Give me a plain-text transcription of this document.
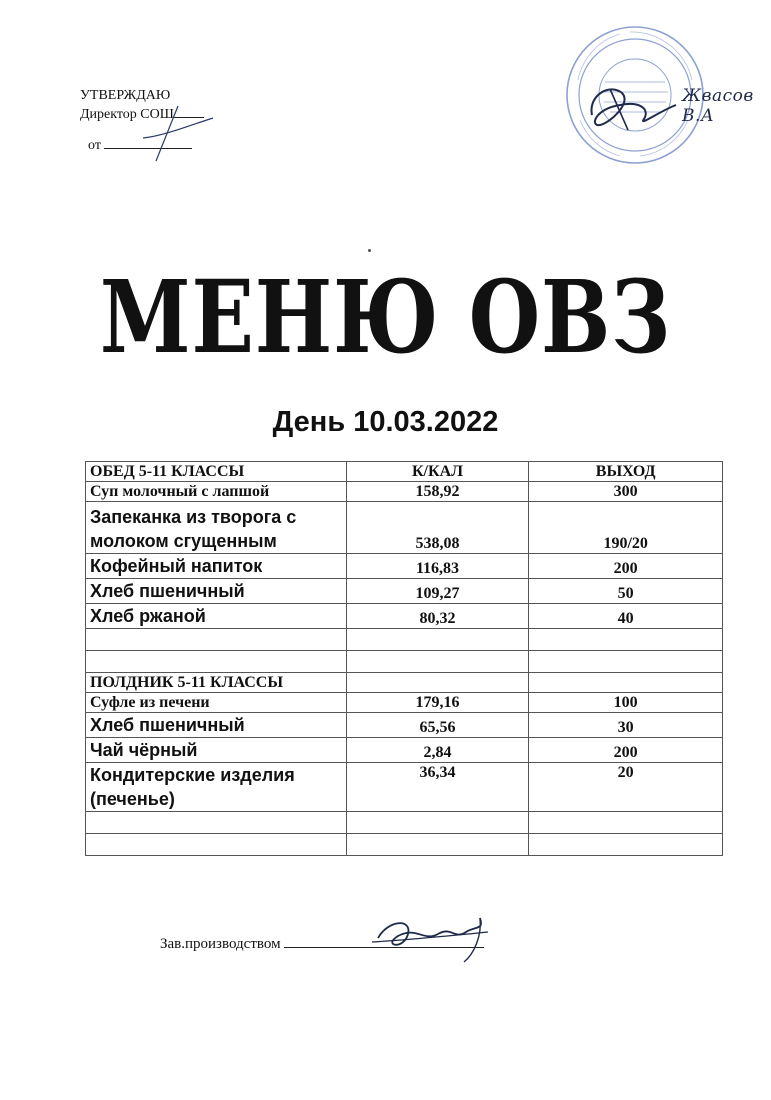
УТВЕРЖДАЮ
Директор СОШ
от
Жвасов В.А
МЕНЮ ОВЗ
День 10.03.2022
ОБЕД 5-11 КЛАССЫ	К/КАЛ	ВЫХОД
Суп молочный с лапшой	158,92	300
Запеканка из творога с молоком сгущенным	538,08	190/20
Кофейный напиток	116,83	200
Хлеб пшеничный	109,27	50
Хлеб ржаной	80,32	40

ПОЛДНИК 5-11 КЛАССЫ		
Суфле из печени	179,16	100
Хлеб пшеничный	65,56	30
Чай чёрный	2,84	200
Кондитерские изделия (печенье)	36,34	20

Зав.производством
